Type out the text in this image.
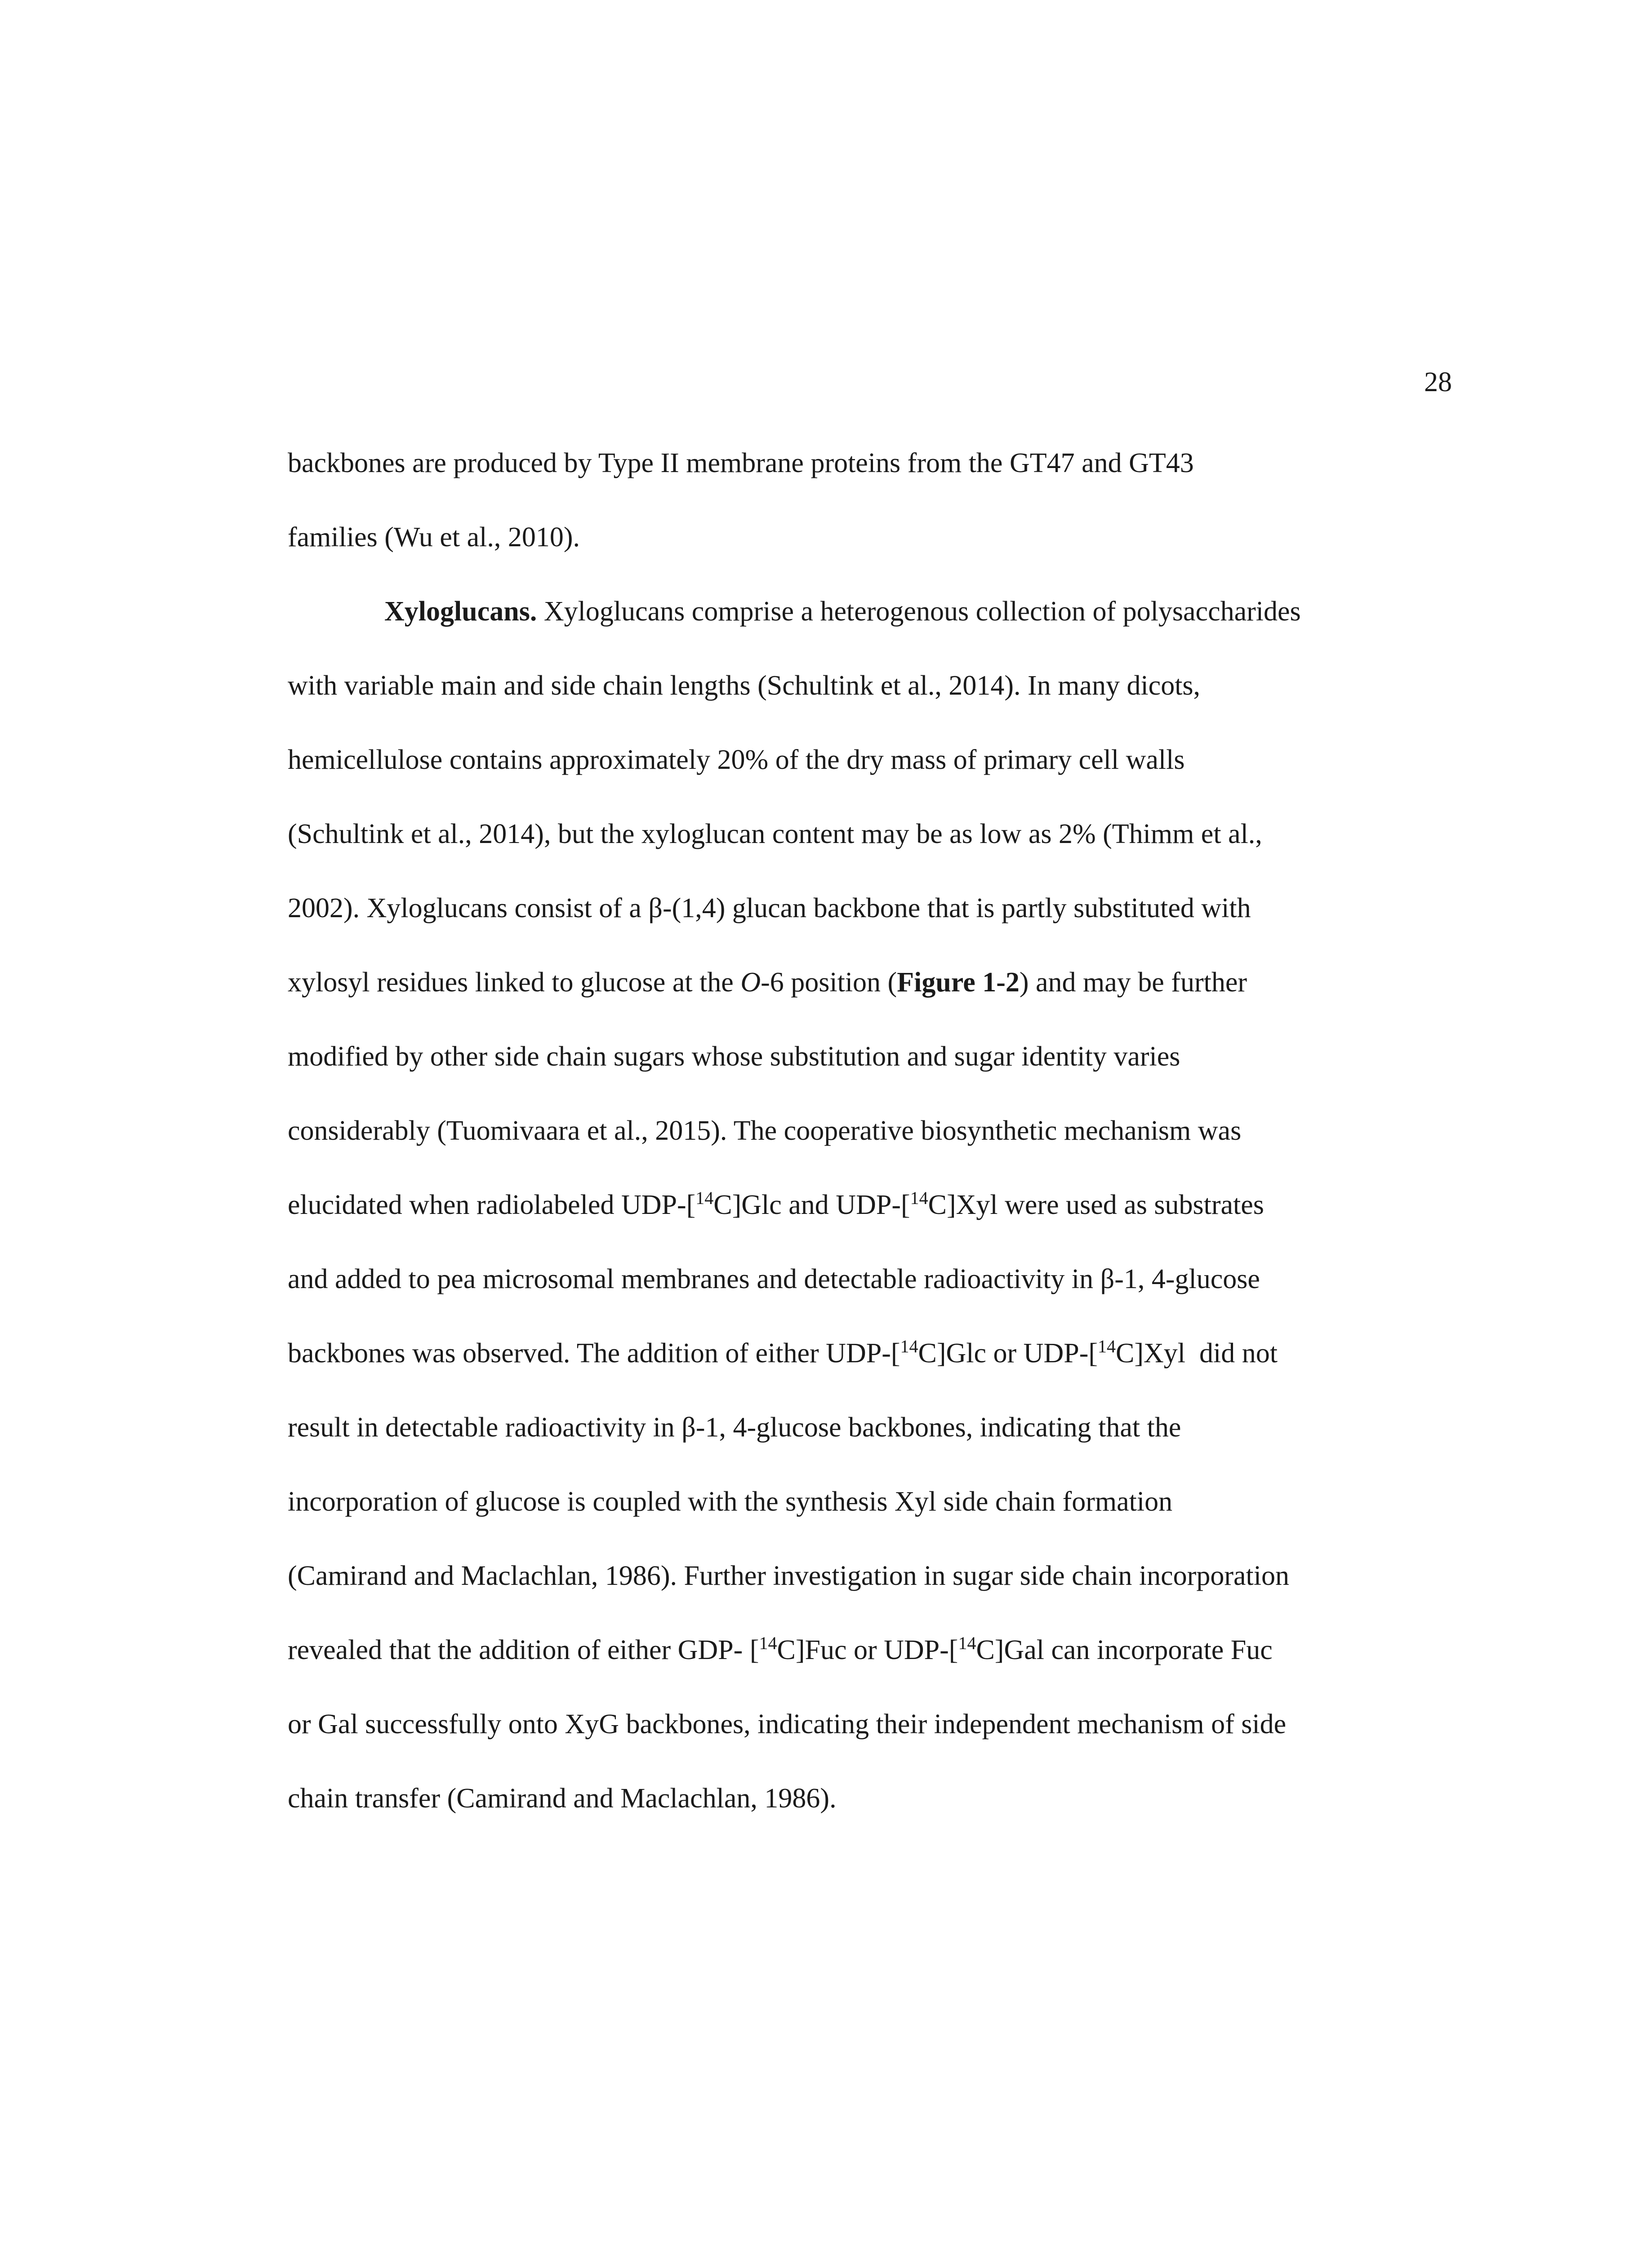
28
backbones are produced by Type II membrane proteins from the GT47 and GT43
families (Wu et al., 2010).
Xyloglucans. Xyloglucans comprise a heterogenous collection of polysaccharides
with variable main and side chain lengths (Schultink et al., 2014). In many dicots,
hemicellulose contains approximately 20% of the dry mass of primary cell walls
(Schultink et al., 2014), but the xyloglucan content may be as low as 2% (Thimm et al.,
2002). Xyloglucans consist of a β-(1,4) glucan backbone that is partly substituted with
xylosyl residues linked to glucose at the O-6 position (Figure 1-2) and may be further
modified by other side chain sugars whose substitution and sugar identity varies
considerably (Tuomivaara et al., 2015). The cooperative biosynthetic mechanism was
elucidated when radiolabeled UDP-[$^{14}$C]Glc and UDP-[$^{14}$C]Xyl were used as substrates
and added to pea microsomal membranes and detectable radioactivity in β-1, 4-glucose
backbones was observed. The addition of either UDP-[$^{14}$C]Glc or UDP-[$^{14}$C]Xyl  did not
result in detectable radioactivity in β-1, 4-glucose backbones, indicating that the
incorporation of glucose is coupled with the synthesis Xyl side chain formation
(Camirand and Maclachlan, 1986). Further investigation in sugar side chain incorporation
revealed that the addition of either GDP- [$^{14}$C]Fuc or UDP-[$^{14}$C]Gal can incorporate Fuc
or Gal successfully onto XyG backbones, indicating their independent mechanism of side
chain transfer (Camirand and Maclachlan, 1986).
